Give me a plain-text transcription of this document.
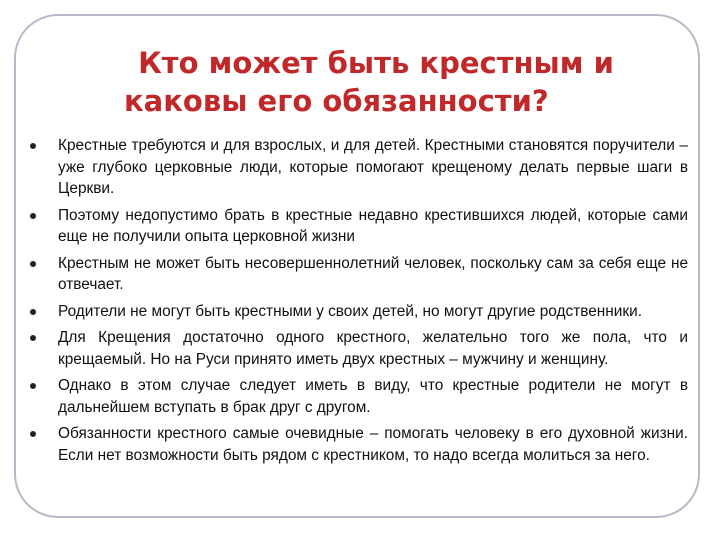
Кто может быть крестным и
каковы его обязанности?
Крестные требуются и для взрослых, и для детей. Крестными становятся поручители – уже глубоко церковные люди, которые помогают крещеному делать первые шаги в Церкви.
Поэтому недопустимо брать в крестные недавно крестившихся людей, которые сами еще не получили опыта церковной жизни
Крестным не может быть несовершеннолетний человек, поскольку сам за себя еще не отвечает.
Родители не могут быть крестными у своих детей, но могут другие родственники.
Для Крещения достаточно одного крестного, желательно того же пола, что и крещаемый. Но на Руси принято иметь двух крестных – мужчину и женщину.
Однако в этом случае следует иметь в виду, что крестные родители не могут в дальнейшем вступать в брак друг с другом.
Обязанности крестного самые очевидные – помогать человеку в его духовной жизни. Если нет возможности быть рядом с крестником, то надо всегда молиться за него.
